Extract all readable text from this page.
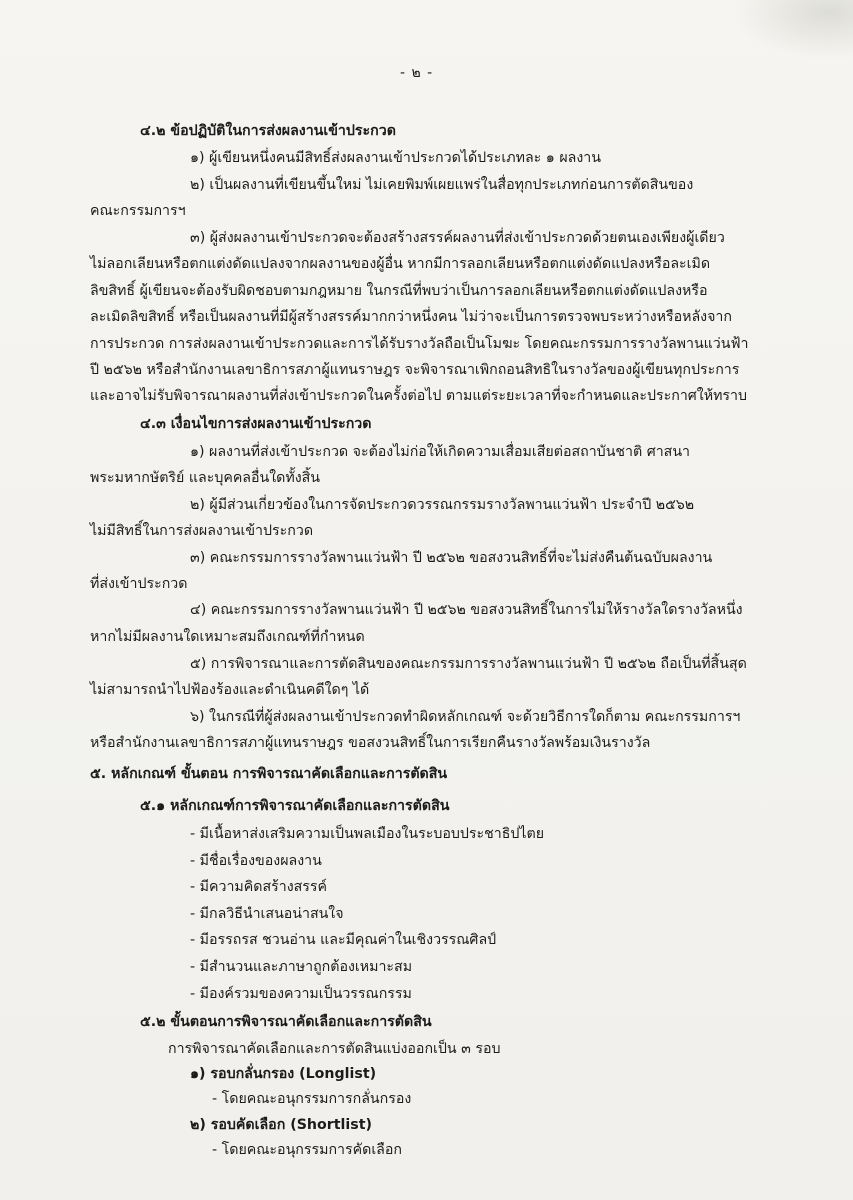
- ๒ -
๔.๒ ข้อปฏิบัติในการส่งผลงานเข้าประกวด
๑) ผู้เขียนหนึ่งคนมีสิทธิ์ส่งผลงานเข้าประกวดได้ประเภทละ ๑ ผลงาน
๒) เป็นผลงานที่เขียนขึ้นใหม่ ไม่เคยพิมพ์เผยแพร่ในสื่อทุกประเภทก่อนการตัดสินของ
คณะกรรมการฯ
๓) ผู้ส่งผลงานเข้าประกวดจะต้องสร้างสรรค์ผลงานที่ส่งเข้าประกวดด้วยตนเองเพียงผู้เดียว
ไม่ลอกเลียนหรือตกแต่งดัดแปลงจากผลงานของผู้อื่น หากมีการลอกเลียนหรือตกแต่งดัดแปลงหรือละเมิด
ลิขสิทธิ์ ผู้เขียนจะต้องรับผิดชอบตามกฎหมาย ในกรณีที่พบว่าเป็นการลอกเลียนหรือตกแต่งดัดแปลงหรือ
ละเมิดลิขสิทธิ์ หรือเป็นผลงานที่มีผู้สร้างสรรค์มากกว่าหนึ่งคน ไม่ว่าจะเป็นการตรวจพบระหว่างหรือหลังจาก
การประกวด การส่งผลงานเข้าประกวดและการได้รับรางวัลถือเป็นโมฆะ โดยคณะกรรมการรางวัลพานแว่นฟ้า
ปี ๒๕๖๒ หรือสำนักงานเลขาธิการสภาผู้แทนราษฎร จะพิจารณาเพิกถอนสิทธิในรางวัลของผู้เขียนทุกประการ
และอาจไม่รับพิจารณาผลงานที่ส่งเข้าประกวดในครั้งต่อไป ตามแต่ระยะเวลาที่จะกำหนดและประกาศให้ทราบ
๔.๓ เงื่อนไขการส่งผลงานเข้าประกวด
๑) ผลงานที่ส่งเข้าประกวด จะต้องไม่ก่อให้เกิดความเสื่อมเสียต่อสถาบันชาติ ศาสนา
พระมหากษัตริย์ และบุคคลอื่นใดทั้งสิ้น
๒) ผู้มีส่วนเกี่ยวข้องในการจัดประกวดวรรณกรรมรางวัลพานแว่นฟ้า ประจำปี ๒๕๖๒
ไม่มีสิทธิ์ในการส่งผลงานเข้าประกวด
๓) คณะกรรมการรางวัลพานแว่นฟ้า ปี ๒๕๖๒ ขอสงวนสิทธิ์ที่จะไม่ส่งคืนต้นฉบับผลงาน
ที่ส่งเข้าประกวด
๔) คณะกรรมการรางวัลพานแว่นฟ้า ปี ๒๕๖๒ ขอสงวนสิทธิ์ในการไม่ให้รางวัลใดรางวัลหนึ่ง
หากไม่มีผลงานใดเหมาะสมถึงเกณฑ์ที่กำหนด
๕) การพิจารณาและการตัดสินของคณะกรรมการรางวัลพานแว่นฟ้า ปี ๒๕๖๒ ถือเป็นที่สิ้นสุด
ไม่สามารถนำไปฟ้องร้องและดำเนินคดีใดๆ ได้
๖) ในกรณีที่ผู้ส่งผลงานเข้าประกวดทำผิดหลักเกณฑ์ จะด้วยวิธีการใดก็ตาม คณะกรรมการฯ
หรือสำนักงานเลขาธิการสภาผู้แทนราษฎร ขอสงวนสิทธิ์ในการเรียกคืนรางวัลพร้อมเงินรางวัล
๕. หลักเกณฑ์ ขั้นตอน การพิจารณาคัดเลือกและการตัดสิน
๕.๑ หลักเกณฑ์การพิจารณาคัดเลือกและการตัดสิน
- มีเนื้อหาส่งเสริมความเป็นพลเมืองในระบอบประชาธิปไตย
- มีชื่อเรื่องของผลงาน
- มีความคิดสร้างสรรค์
- มีกลวิธีนำเสนอน่าสนใจ
- มีอรรถรส ชวนอ่าน และมีคุณค่าในเชิงวรรณศิลป์
- มีสำนวนและภาษาถูกต้องเหมาะสม
- มีองค์รวมของความเป็นวรรณกรรม
๕.๒ ขั้นตอนการพิจารณาคัดเลือกและการตัดสิน
การพิจารณาคัดเลือกและการตัดสินแบ่งออกเป็น ๓ รอบ
๑) รอบกลั่นกรอง (Longlist)
- โดยคณะอนุกรรมการกลั่นกรอง
๒) รอบคัดเลือก (Shortlist)
- โดยคณะอนุกรรมการคัดเลือก
